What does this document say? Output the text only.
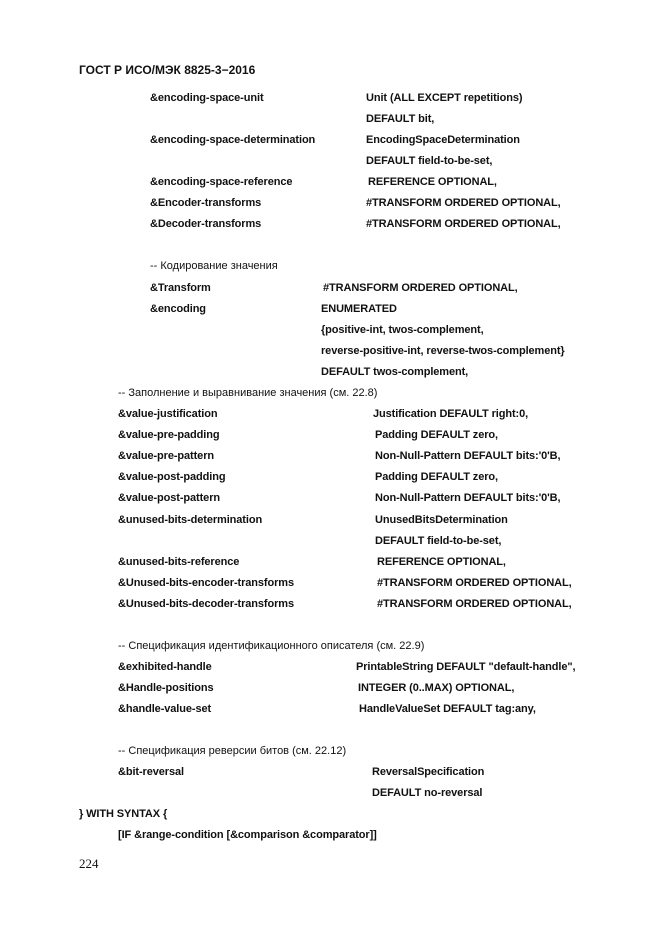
ГОСТ Р ИСО/МЭК 8825-3−2016
&encoding-space-unit	Unit (ALL EXCEPT repetitions)
DEFAULT bit,
&encoding-space-determination	EncodingSpaceDetermination
DEFAULT field-to-be-set,
&encoding-space-reference	REFERENCE OPTIONAL,
&Encoder-transforms	#TRANSFORM ORDERED OPTIONAL,
&Decoder-transforms	#TRANSFORM ORDERED OPTIONAL,
-- Кодирование значения
&Transform	#TRANSFORM ORDERED OPTIONAL,
&encoding	ENUMERATED
{positive-int, twos-complement,
reverse-positive-int, reverse-twos-complement}
DEFAULT twos-complement,
-- Заполнение и выравнивание значения (см. 22.8)
&value-justification	Justification DEFAULT right:0,
&value-pre-padding	Padding DEFAULT zero,
&value-pre-pattern	Non-Null-Pattern DEFAULT bits:'0'B,
&value-post-padding	Padding DEFAULT zero,
&value-post-pattern	Non-Null-Pattern DEFAULT bits:'0'B,
&unused-bits-determination	UnusedBitsDetermination
DEFAULT field-to-be-set,
&unused-bits-reference	REFERENCE OPTIONAL,
&Unused-bits-encoder-transforms	#TRANSFORM ORDERED OPTIONAL,
&Unused-bits-decoder-transforms	#TRANSFORM ORDERED OPTIONAL,
-- Спецификация идентификационного описателя (см. 22.9)
&exhibited-handle	PrintableString DEFAULT "default-handle",
&Handle-positions	INTEGER (0..MAX) OPTIONAL,
&handle-value-set	HandleValueSet DEFAULT tag:any,
-- Спецификация реверсии битов (см. 22.12)
&bit-reversal	ReversalSpecification
DEFAULT no-reversal
} WITH SYNTAX {
[IF &range-condition [&comparison &comparator]]
224
